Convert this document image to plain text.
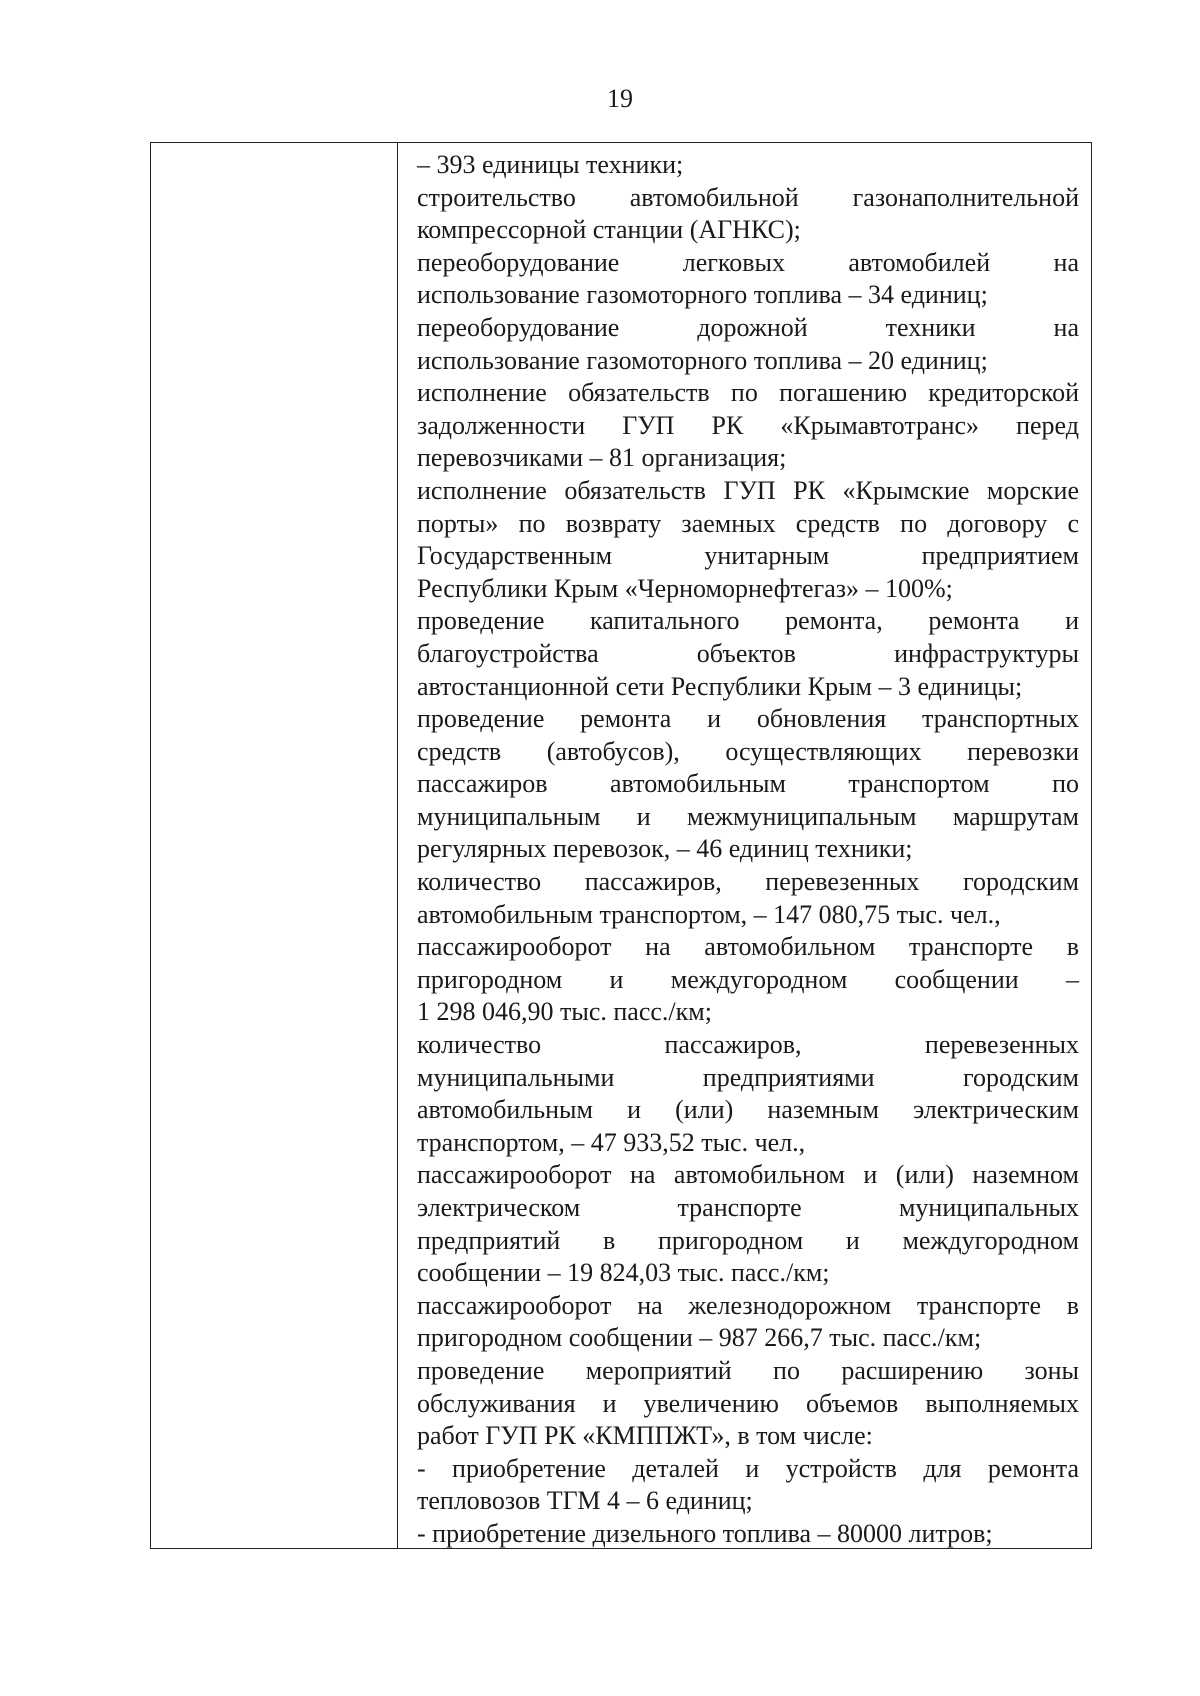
19
– 393 единицы техники;
строительство автомобильной газонаполнительной
компрессорной станции (АГНКС);
переоборудование легковых автомобилей на
использование газомоторного топлива – 34 единиц;
переоборудование дорожной техники на
использование газомоторного топлива – 20 единиц;
исполнение обязательств по погашению кредиторской
задолженности ГУП РК «Крымавтотранс» перед
перевозчиками – 81 организация;
исполнение обязательств ГУП РК «Крымские морские
порты» по возврату заемных средств по договору с
Государственным унитарным предприятием
Республики Крым «Черноморнефтегаз» – 100%;
проведение капитального ремонта, ремонта и
благоустройства объектов инфраструктуры
автостанционной сети Республики Крым – 3 единицы;
проведение ремонта и обновления транспортных
средств (автобусов), осуществляющих перевозки
пассажиров автомобильным транспортом по
муниципальным и межмуниципальным маршрутам
регулярных перевозок, – 46 единиц техники;
количество пассажиров, перевезенных городским
автомобильным транспортом, – 147 080,75 тыс. чел.,
пассажирооборот на автомобильном транспорте в
пригородном и междугородном сообщении –
1 298 046,90 тыс. пасс./км;
количество пассажиров, перевезенных
муниципальными предприятиями городским
автомобильным и (или) наземным электрическим
транспортом, – 47 933,52 тыс. чел.,
пассажирооборот на автомобильном и (или) наземном
электрическом транспорте муниципальных
предприятий в пригородном и междугородном
сообщении – 19 824,03 тыс. пасс./км;
пассажирооборот на железнодорожном транспорте в
пригородном сообщении – 987 266,7 тыс. пасс./км;
проведение мероприятий по расширению зоны
обслуживания и увеличению объемов выполняемых
работ ГУП РК «КМППЖТ», в том числе:
- приобретение деталей и устройств для ремонта
тепловозов ТГМ 4 – 6 единиц;
- приобретение дизельного топлива – 80000 литров;
